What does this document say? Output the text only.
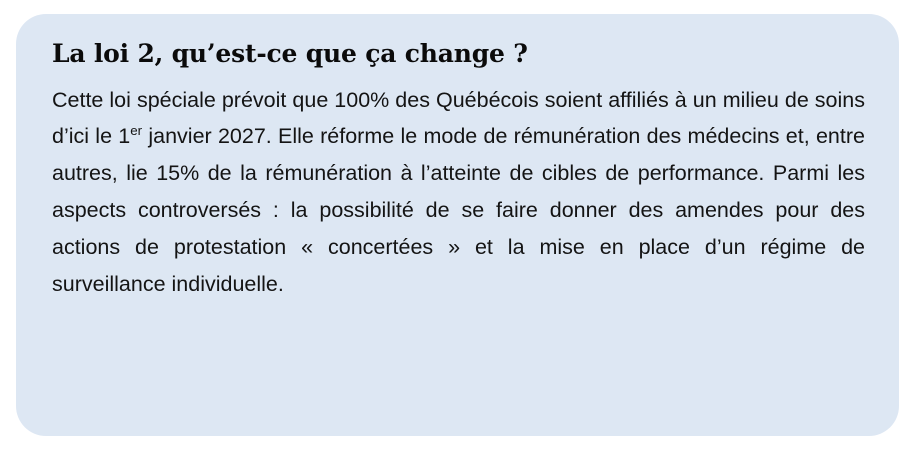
La loi 2, qu’est-ce que ça change ?

Cette loi spéciale prévoit que 100% des Québécois soient affiliés à un milieu de soins d’ici le 1er janvier 2027. Elle réforme le mode de rémunération des médecins et, entre autres, lie 15% de la rémunération à l’atteinte de cibles de performance. Parmi les aspects controversés : la possibilité de se faire donner des amendes pour des actions de protestation « concertées » et la mise en place d’un régime de surveillance individuelle.
